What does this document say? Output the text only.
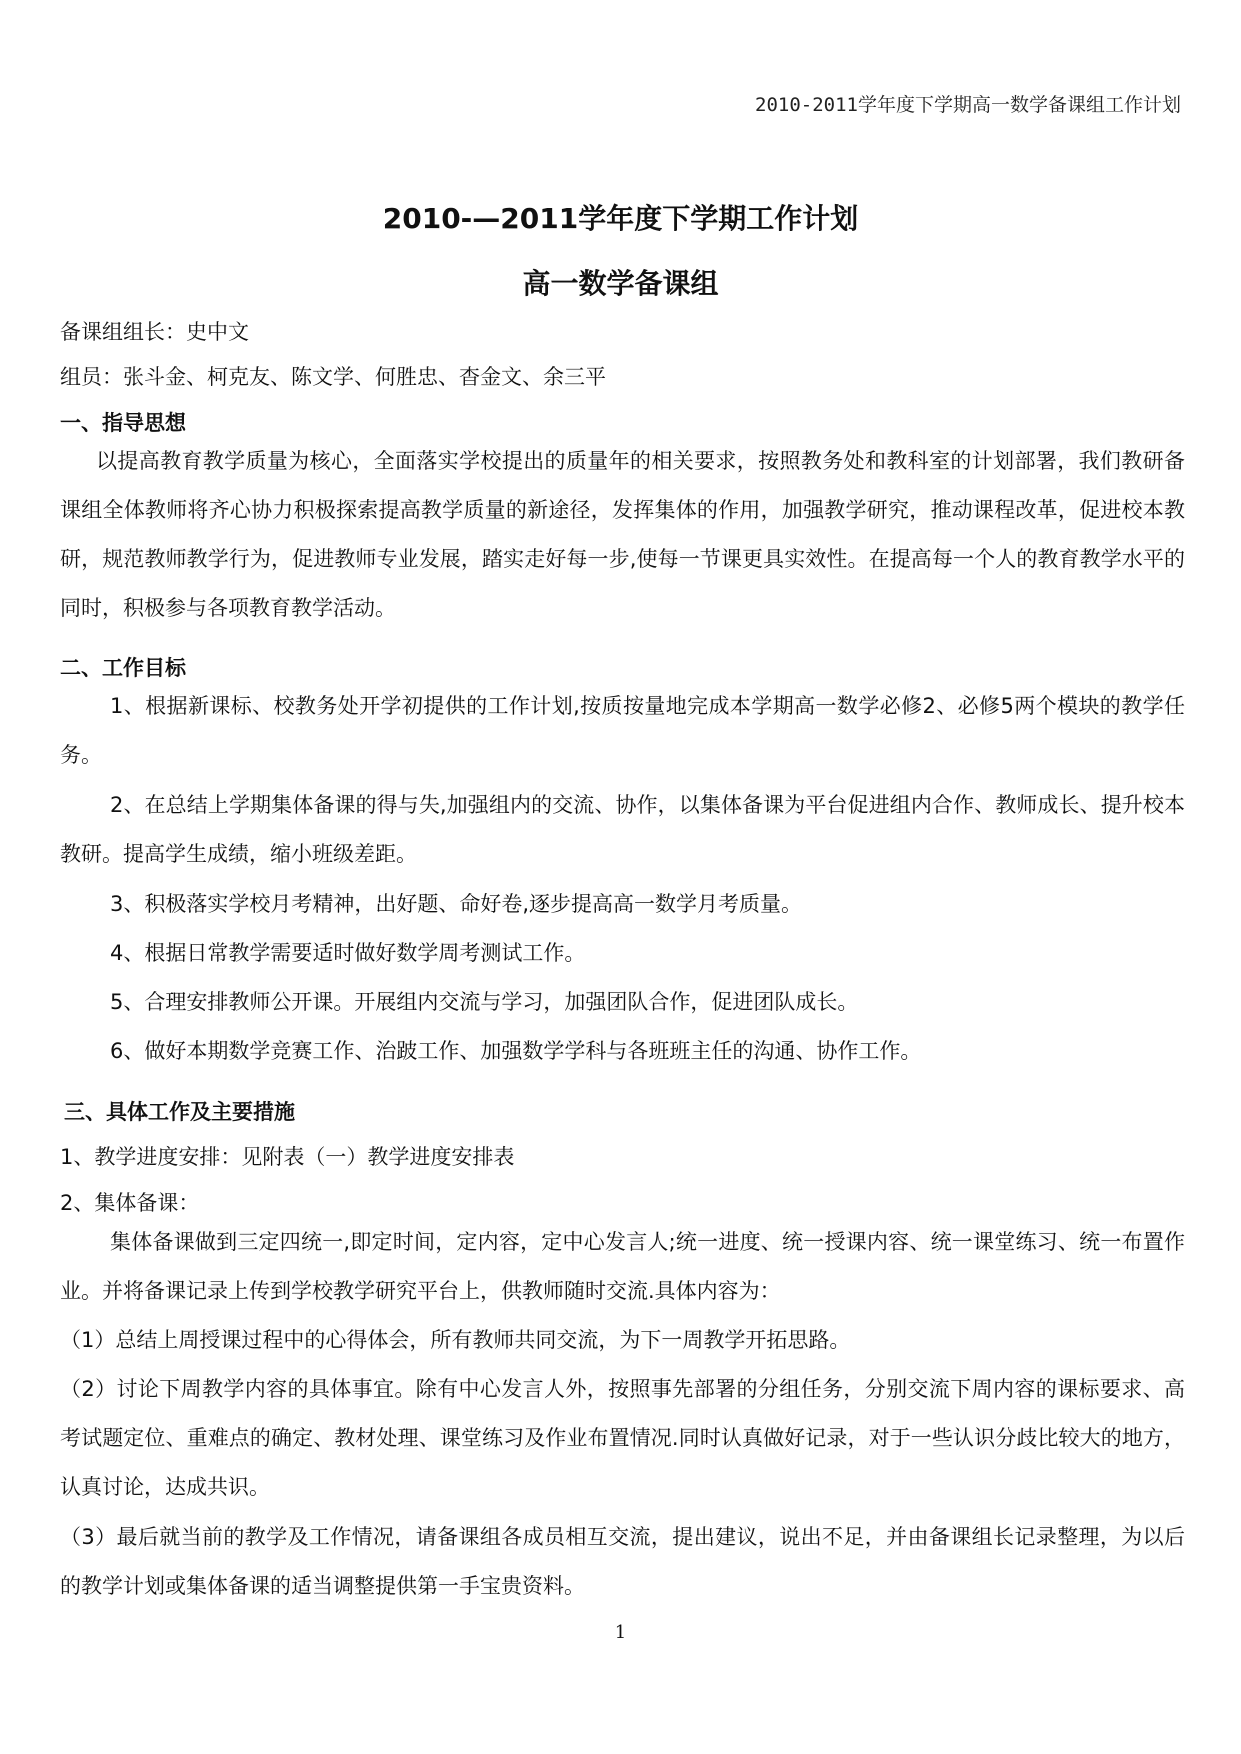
2010-2011学年度下学期高一数学备课组工作计划
2010-—2011学年度下学期工作计划
高一数学备课组
备课组组长：史中文
组员：张斗金、柯克友、陈文学、何胜忠、杳金文、余三平
一、指导思想
以提高教育教学质量为核心，全面落实学校提出的质量年的相关要求，按照教务处和教科室的计划部署，我们教研备课组全体教师将齐心协力积极探索提高教学质量的新途径，发挥集体的作用，加强教学研究，推动课程改革，促进校本教研，规范教师教学行为，促进教师专业发展，踏实走好每一步,使每一节课更具实效性。在提高每一个人的教育教学水平的同时，积极参与各项教育教学活动。
二、工作目标
1、根据新课标、校教务处开学初提供的工作计划,按质按量地完成本学期高一数学必修2、必修5两个模块的教学任务。
2、在总结上学期集体备课的得与失,加强组内的交流、协作，以集体备课为平台促进组内合作、教师成长、提升校本教研。提高学生成绩，缩小班级差距。
3、积极落实学校月考精神，出好题、命好卷,逐步提高高一数学月考质量。
4、根据日常教学需要适时做好数学周考测试工作。
5、合理安排教师公开课。开展组内交流与学习，加强团队合作，促进团队成长。
6、做好本期数学竞赛工作、治跛工作、加强数学学科与各班班主任的沟通、协作工作。
三、具体工作及主要措施
1、教学进度安排：见附表（一）教学进度安排表
2、集体备课：
集体备课做到三定四统一,即定时间，定内容，定中心发言人;统一进度、统一授课内容、统一课堂练习、统一布置作业。并将备课记录上传到学校教学研究平台上，供教师随时交流.具体内容为：
（1）总结上周授课过程中的心得体会，所有教师共同交流，为下一周教学开拓思路。
（2）讨论下周教学内容的具体事宜。除有中心发言人外，按照事先部署的分组任务，分别交流下周内容的课标要求、高考试题定位、重难点的确定、教材处理、课堂练习及作业布置情况.同时认真做好记录，对于一些认识分歧比较大的地方，认真讨论，达成共识。
（3）最后就当前的教学及工作情况，请备课组各成员相互交流，提出建议，说出不足，并由备课组长记录整理，为以后的教学计划或集体备课的适当调整提供第一手宝贵资料。
1
